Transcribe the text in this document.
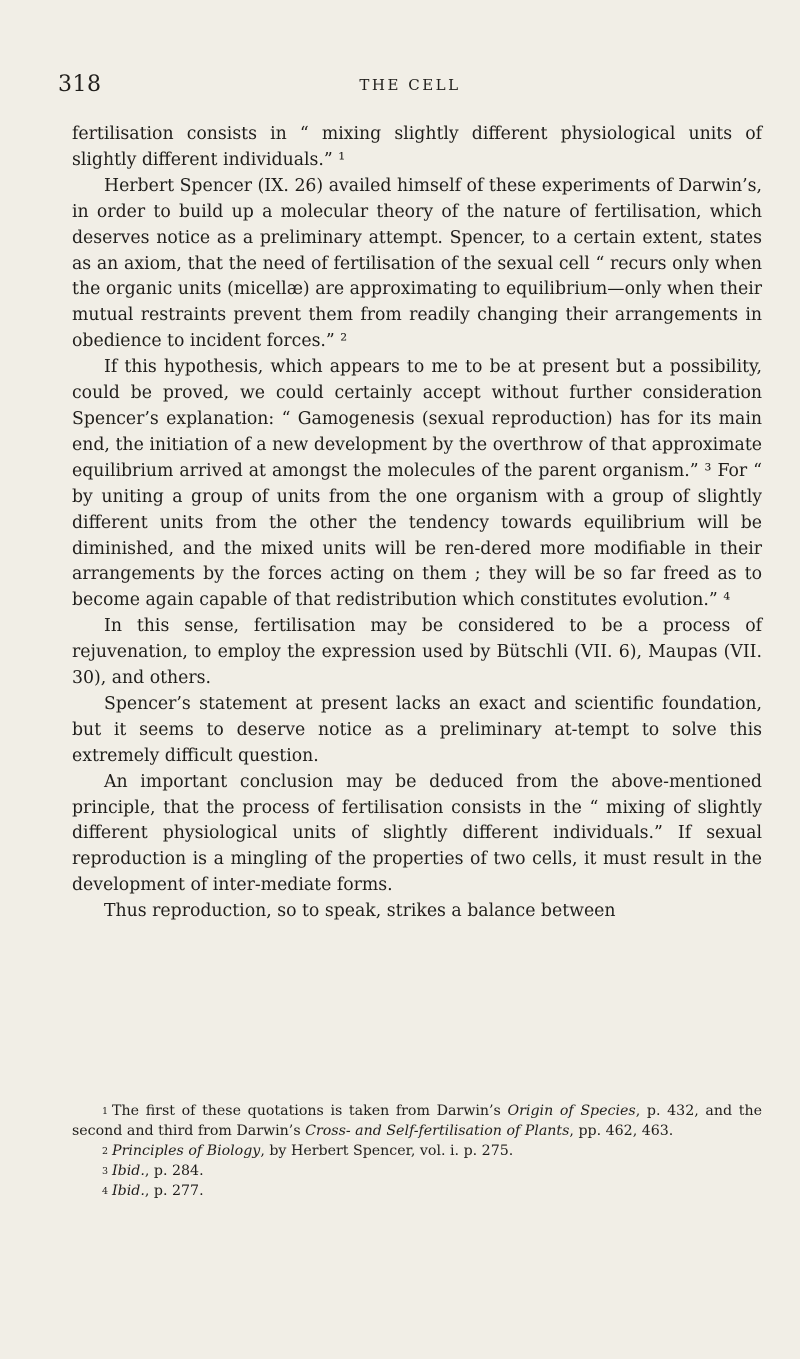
318	THE CELL

fertilisation consists in “ mixing slightly different physiological units of slightly different individuals.” ¹

Herbert Spencer (IX. 26) availed himself of these experiments of Darwin’s, in order to build up a molecular theory of the nature of fertilisation, which deserves notice as a preliminary attempt. Spencer, to a certain extent, states as an axiom, that the need of fertilisation of the sexual cell “ recurs only when the organic units (micellæ) are approximating to equilibrium—only when their mutual restraints prevent them from readily changing their arrangements in obedience to incident forces.” ²

If this hypothesis, which appears to me to be at present but a possibility, could be proved, we could certainly accept without further consideration Spencer’s explanation: “ Gamogenesis (sexual reproduction) has for its main end, the initiation of a new development by the overthrow of that approximate equilibrium arrived at amongst the molecules of the parent organism.” ³ For “ by uniting a group of units from the one organism with a group of slightly different units from the other the tendency towards equilibrium will be diminished, and the mixed units will be ren-dered more modifiable in their arrangements by the forces acting on them ; they will be so far freed as to become again capable of that redistribution which constitutes evolution.” ⁴

In this sense, fertilisation may be considered to be a process of rejuvenation, to employ the expression used by Bütschli (VII. 6), Maupas (VII. 30), and others.

Spencer’s statement at present lacks an exact and scientific foundation, but it seems to deserve notice as a preliminary at-tempt to solve this extremely difficult question.

An important conclusion may be deduced from the above-mentioned principle, that the process of fertilisation consists in the “ mixing of slightly different physiological units of slightly different individuals.” If sexual reproduction is a mingling of the properties of two cells, it must result in the development of inter-mediate forms.

Thus reproduction, so to speak, strikes a balance between

$^1$ The first of these quotations is taken from Darwin’s Origin of Species, p. 432, and the second and third from Darwin’s Cross- and Self-fertilisation of Plants, pp. 462, 463.

$^2$ Principles of Biology, by Herbert Spencer, vol. i. p. 275.

$^3$ Ibid., p. 284.

$^4$ Ibid., p. 277.
